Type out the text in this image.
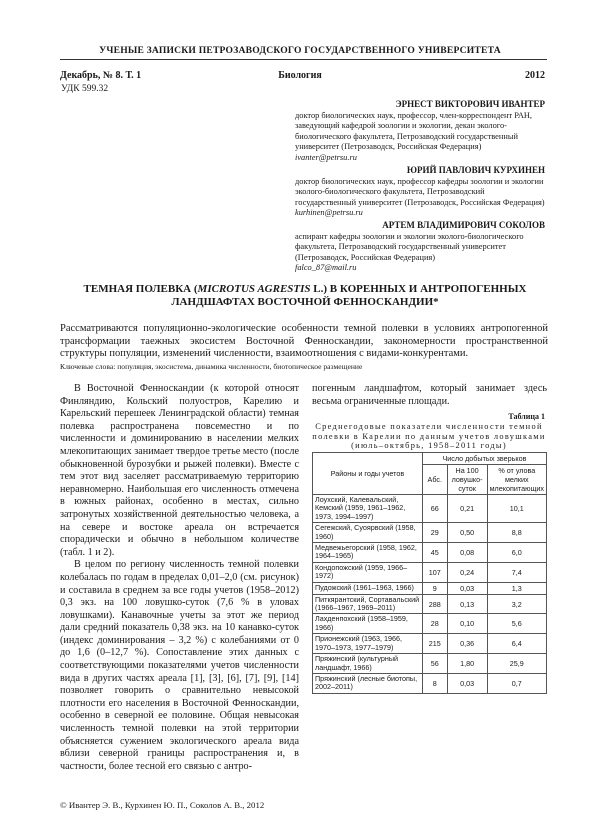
УЧЕНЫЕ ЗАПИСКИ ПЕТРОЗАВОДСКОГО ГОСУДАРСТВЕННОГО УНИВЕРСИТЕТА
Декабрь, № 8. Т. 1	Биология	2012
УДК 599.32
ЭРНЕСТ ВИКТОРОВИЧ ИВАНТЕР
доктор биологических наук, профессор, член-корреспондент РАН, заведующий кафедрой зоологии и экологии, декан эколого-биологического факультета, Петрозаводский государственный университет (Петрозаводск, Российская Федерация)
ivanter@petrsu.ru
ЮРИЙ ПАВЛОВИЧ КУРХИНЕН
доктор биологических наук, профессор кафедры зоологии и экологии эколого-биологического факультета, Петрозаводский государственный университет (Петрозаводск, Российская Федерация)
kurhinen@petrsu.ru
АРТЕМ ВЛАДИМИРОВИЧ СОКОЛОВ
аспирант кафедры зоологии и экологии эколого-биологического факультета, Петрозаводский государственный университет (Петрозаводск, Российская Федерация)
falco_87@mail.ru
ТЕМНАЯ ПОЛЕВКА (MICROTUS AGRESTIS L.) В КОРЕННЫХ И АНТРОПОГЕННЫХ ЛАНДШАФТАХ ВОСТОЧНОЙ ФЕННОСКАНДИИ*
Рассматриваются популяционно-экологические особенности темной полевки в условиях антропогенной трансформации таежных экосистем Восточной Фенноскандии, закономерности пространственной структуры популяции, изменений численности, взаимоотношения с видами-конкурентами.
Ключевые слова: популяция, экосистема, динамика численности, биотопическое размещение

В Восточной Фенноскандии (к которой относят Финляндию, Кольский полуостров, Карелию и Карельский перешеек Ленинградской области) темная полевка распространена повсеместно и по численности и доминированию в населении мелких млекопитающих занимает твердое третье место (после обыкновенной бурозубки и рыжей полевки). Вместе с тем этот вид заселяет рассматриваемую территорию неравномерно. Наибольшая его численность отмечена в южных районах, особенно в местах, сильно затронутых хозяйственной деятельностью человека, а на севере и востоке ареала он встречается спорадически и обычно в небольшом количестве (табл. 1 и 2).

В целом по региону численность темной полевки колебалась по годам в пределах 0,01–2,0 (см. рисунок) и составила в среднем за все годы учетов (1958–2012) 0,3 экз. на 100 ловушко-суток (7,6 % в уловах ловушками). Канавочные учеты за этот же период дали средний показатель 0,38 экз. на 10 канавко-суток (индекс доминирования – 3,2 %) с колебаниями от 0 до 1,6 (0–12,7 %). Сопоставление этих данных с соответствующими показателями учетов численности вида в других частях ареала [1], [3], [6], [7], [9], [14] позволяет говорить о сравнительно невысокой плотности его населения в Восточной Фенноскандии, особенно в северной ее половине. Общая невысокая численность темной полевки на этой территории объясняется сужением экологического ареала вида вблизи северной границы распространения и, в частности, более тесной его связью с антро-

погенным ландшафтом, который занимает здесь весьма ограниченные площади.
Таблица 1
Среднегодовые показатели численности темной полевки в Карелии по данным учетов ловушками (июль–октябрь, 1958–2011 годы)
Районы и годы учетов	Число добытых зверьков		
	Абс.	На 100 ловушко-суток	% от улова мелких млекопитающих
Лоухский, Калевальский, Кемский (1959, 1961–1962, 1973, 1994–1997)	66	0,21	10,1
Сегежский, Суоярвский (1958, 1960)	29	0,50	8,8
Медвежьегорский (1958, 1962, 1964–1965)	45	0,08	6,0
Кондопожский (1959, 1966–1972)	107	0,24	7,4
Пудожский (1961–1963, 1966)	9	0,03	1,3
Питкярантский, Сортавальский (1966–1967, 1969–2011)	288	0,13	3,2
Лахденпохский (1958–1959, 1966)	28	0,10	5,6
Прионежский (1963, 1966, 1970–1973, 1977–1979)	215	0,36	6,4
Пряжинский (культурный ландшафт, 1966)	56	1,80	25,9
Пряжинский (лесные биотопы, 2002–2011)	8	0,03	0,7
© Ивантер Э. В., Курхинен Ю. П., Соколов А. В., 2012
